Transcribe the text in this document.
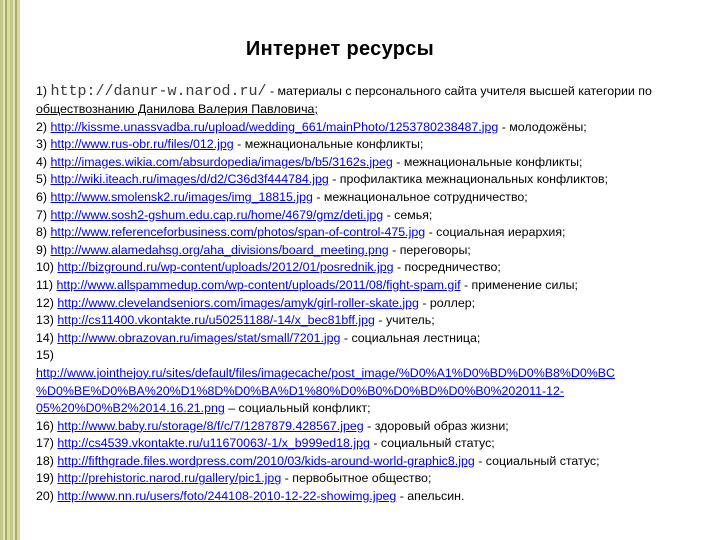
Интернет ресурсы
1) http://danur-w.narod.ru/ - материалы с персонального сайта учителя высшей категории по
обществознанию Данилова Валерия Павловича;
2) http://kissme.unassvadba.ru/upload/wedding_661/mainPhoto/1253780238487.jpg - молодожёны;
3) http://www.rus-obr.ru/files/012.jpg - межнациональные конфликты;
4) http://images.wikia.com/absurdopedia/images/b/b5/3162s.jpeg - межнациональные конфликты;
5) http://wiki.iteach.ru/images/d/d2/C36d3f444784.jpg - профилактика межнациональных конфликтов;
6) http://www.smolensk2.ru/images/img_18815.jpg - межнациональное сотрудничество;
7) http://www.sosh2-gshum.edu.cap.ru/home/4679/gmz/deti.jpg - семья;
8) http://www.referenceforbusiness.com/photos/span-of-control-475.jpg - социальная иерархия;
9) http://www.alamedahsg.org/aha_divisions/board_meeting.png - переговоры;
10) http://bizground.ru/wp-content/uploads/2012/01/posrednik.jpg - посредничество;
11) http://www.allspammedup.com/wp-content/uploads/2011/08/fight-spam.gif - применение силы;
12) http://www.clevelandseniors.com/images/amyk/girl-roller-skate.jpg - роллер;
13) http://cs11400.vkontakte.ru/u50251188/-14/x_bec81bff.jpg - учитель;
14) http://www.obrazovan.ru/images/stat/small/7201.jpg - социальная лестница;
15)
http://www.jointhejoy.ru/sites/default/files/imagecache/post_image/%D0%A1%D0%BD%D0%B8%D0%BC
%D0%BE%D0%BA%20%D1%8D%D0%BA%D1%80%D0%B0%D0%BD%D0%B0%202011-12-
05%20%D0%B2%2014.16.21.png – социальный конфликт;
16) http://www.baby.ru/storage/8/f/c/7/1287879.428567.jpeg - здоровый образ жизни;
17) http://cs4539.vkontakte.ru/u11670063/-1/x_b999ed18.jpg - социальный статус;
18) http://fifthgrade.files.wordpress.com/2010/03/kids-around-world-graphic8.jpg - социальный статус;
19) http://prehistoric.narod.ru/gallery/pic1.jpg - первобытное общество;
20) http://www.nn.ru/users/foto/244108-2010-12-22-showimg.jpeg - апельсин.
